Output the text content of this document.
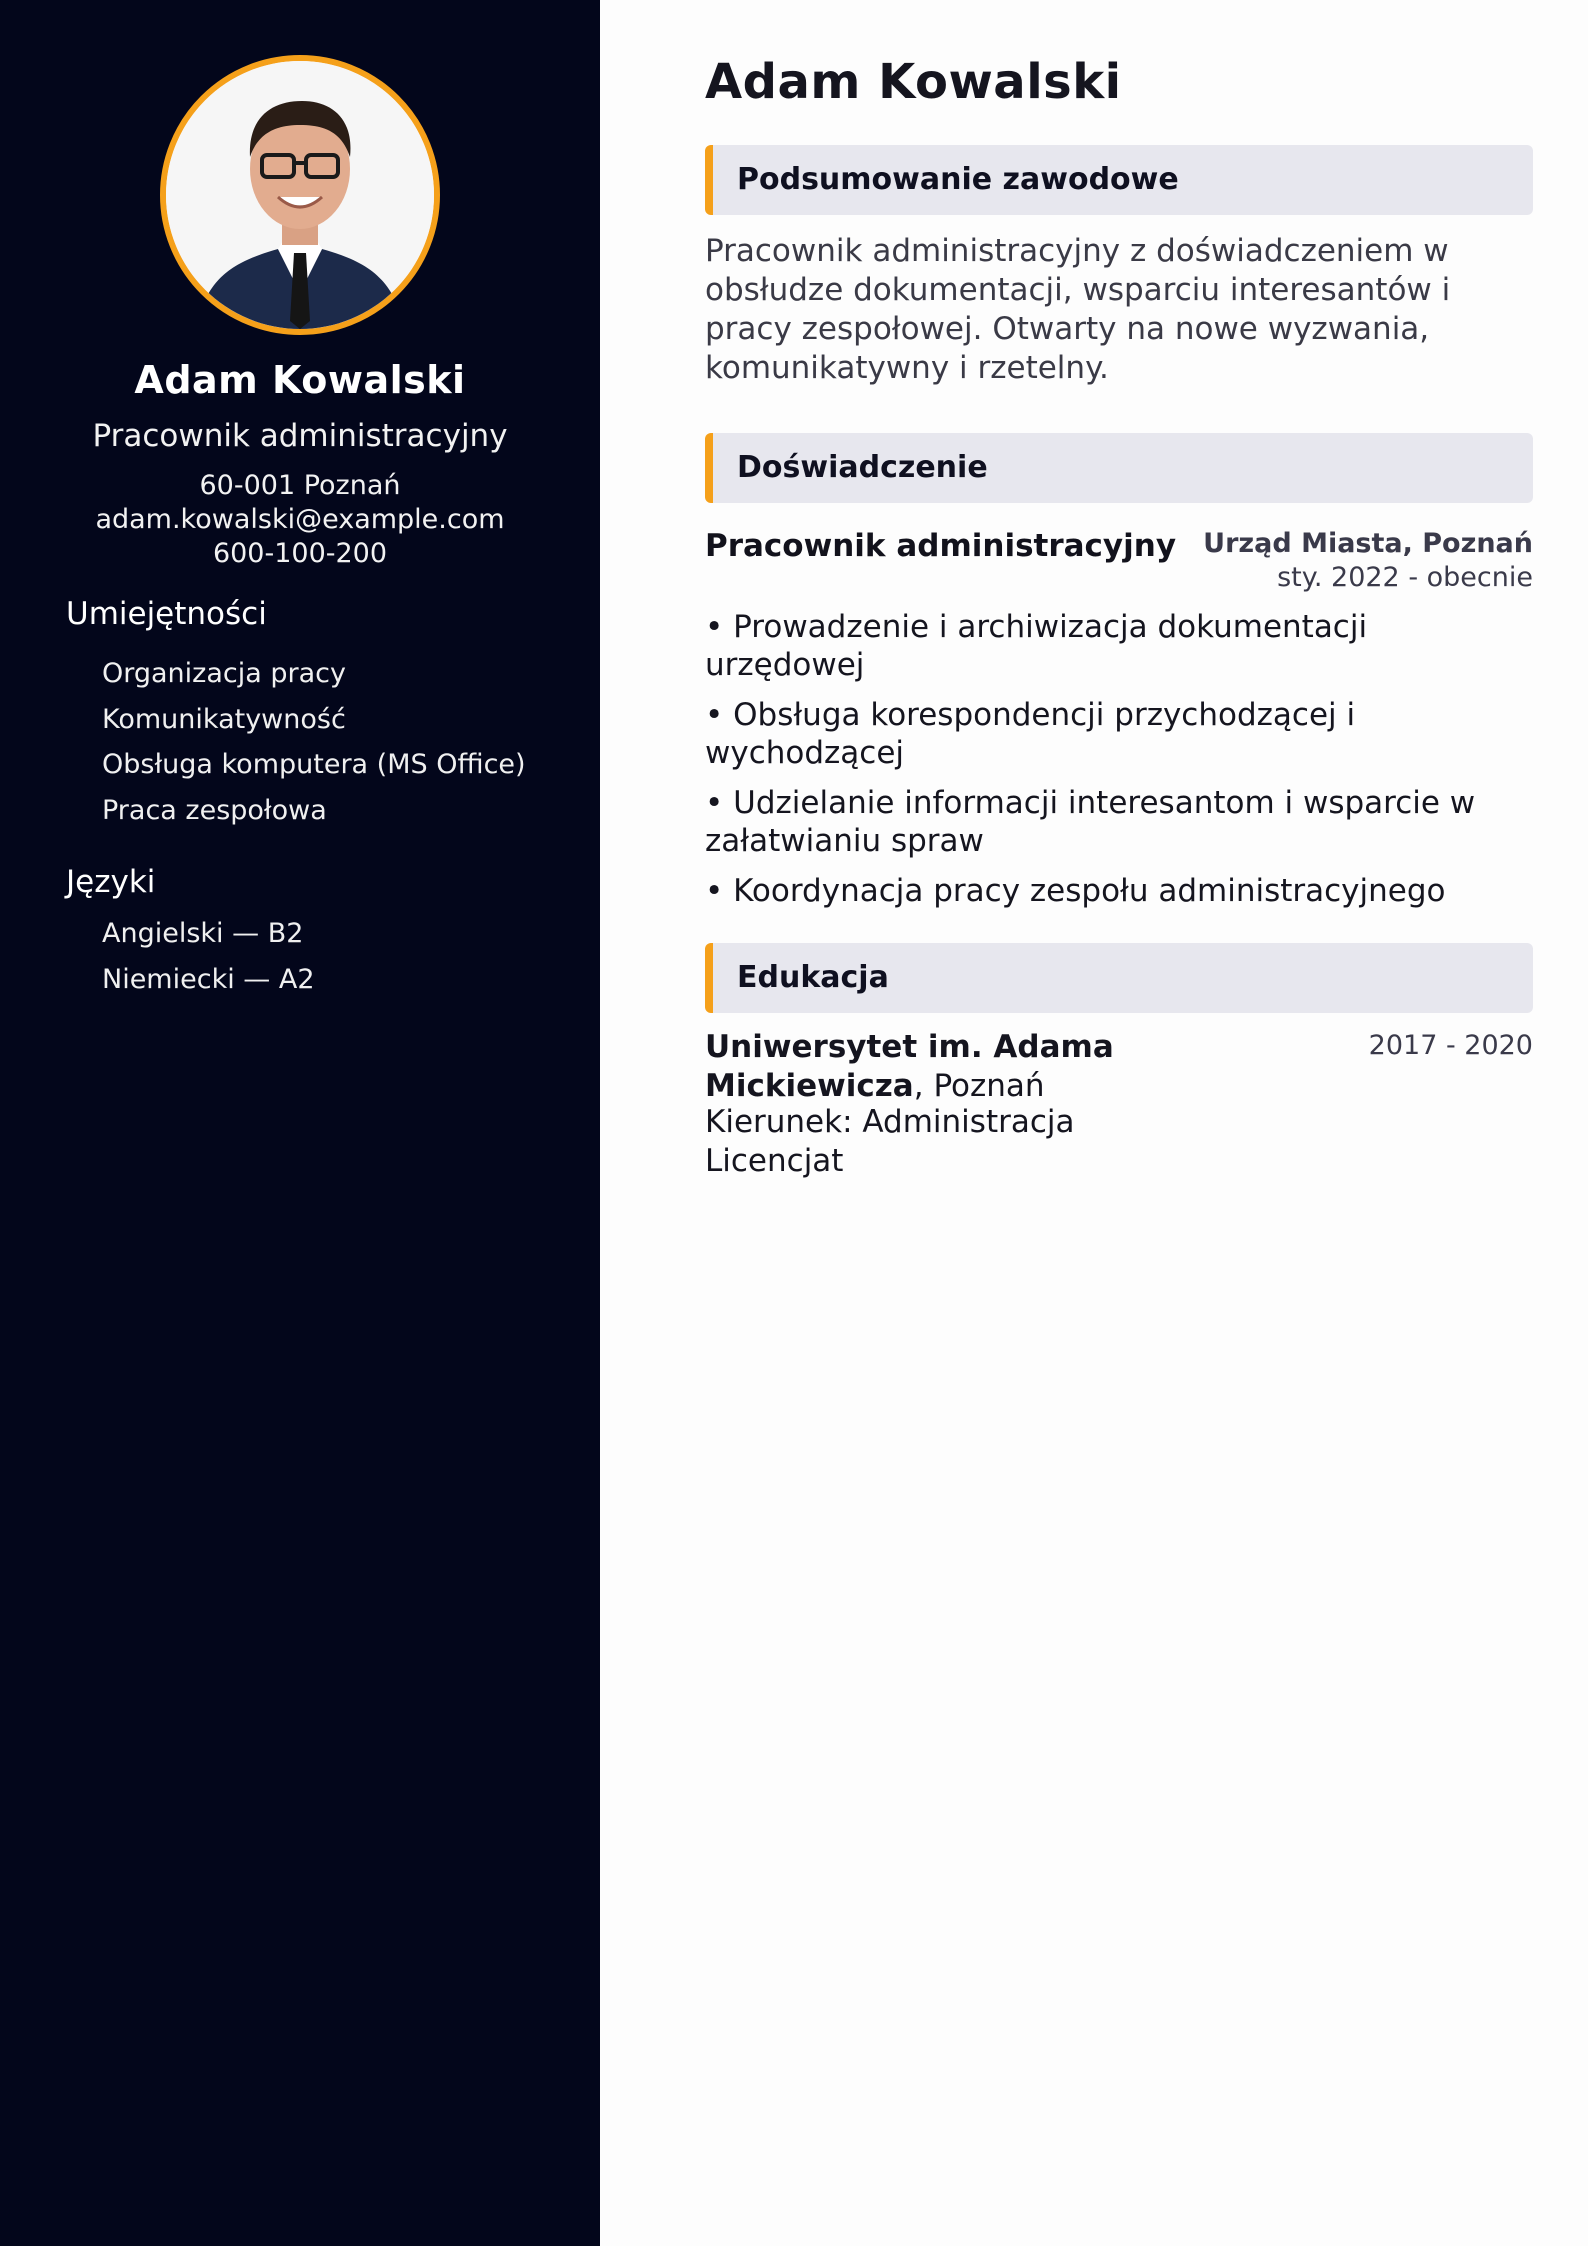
Adam Kowalski
Pracownik administracyjny
60-001 Poznań
adam.kowalski@example.com
600-100-200
Umiejętności
Organizacja pracy
Komunikatywność
Obsługa komputera (MS Office)
Praca zespołowa
Języki
Angielski — B2
Niemiecki — A2
Adam Kowalski
Podsumowanie zawodowe

Pracownik administracyjny z doświadczeniem w obsłudze dokumentacji, wsparciu interesantów i pracy zespołowej. Otwarty na nowe wyzwania, komunikatywny i rzetelny.

Doświadczenie
Pracownik administracyjny Urząd Miasta, Poznań
sty. 2022 - obecnie
• Prowadzenie i archiwizacja dokumentacji urzędowej
• Obsługa korespondencji przychodzącej i wychodzącej
• Udzielanie informacji interesantom i wsparcie w załatwianiu spraw
• Koordynacja pracy zespołu administracyjnego
Edukacja
Uniwersytet im. Adama Mickiewicza, Poznań
2017 - 2020
Kierunek: Administracja
Licencjat
